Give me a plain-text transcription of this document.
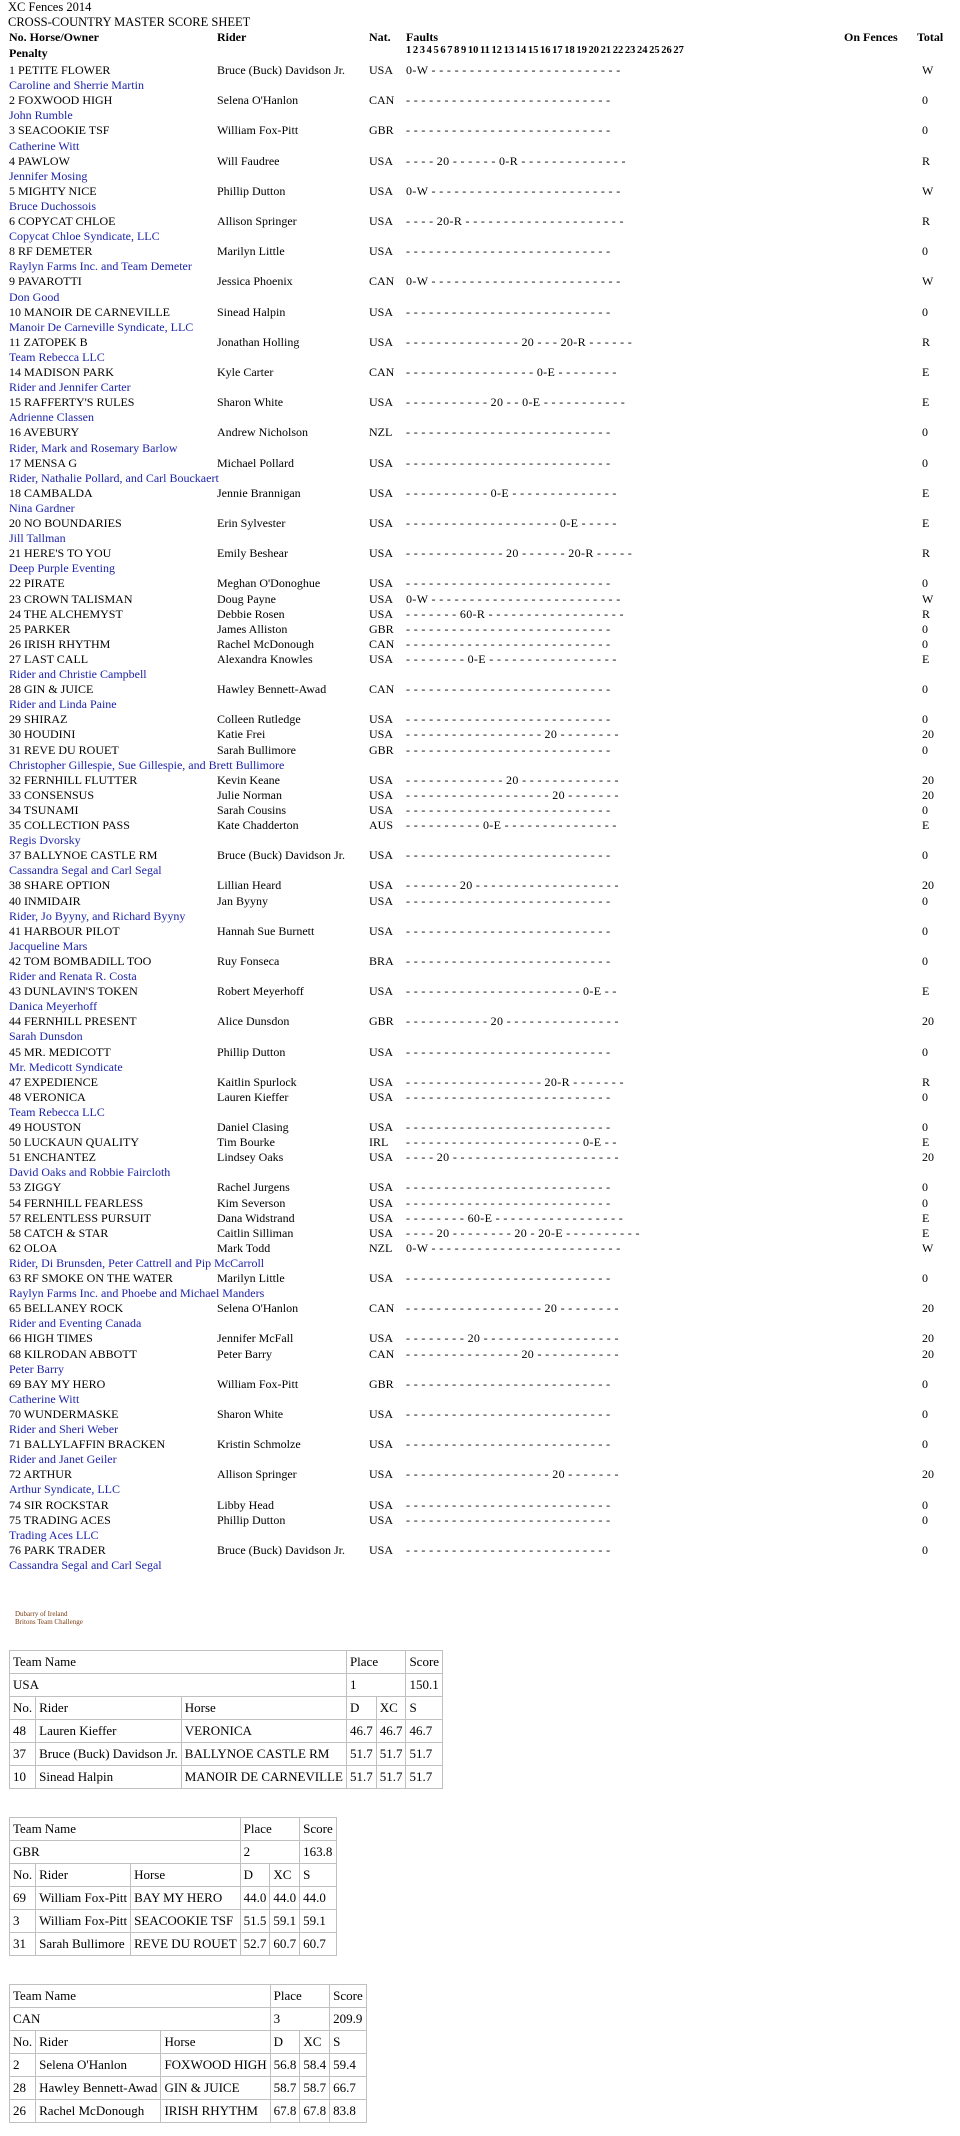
XC Fences 2014
CROSS-COUNTRY MASTER SCORE SHEET
No. Horse/Owner	Rider	Nat. Faults	On Fences Total
1 2 3 4 5 6 7 8 9 10 11 12 13 14 15 16 17 18 19 20 21 22 23 24 25 26 27
Penalty
1 PETITE FLOWER	Bruce (Buck) Davidson Jr. USA 0-W - - - - - - - - - - - - - - - - - - - - - - - - -	W
Caroline and Sherrie Martin
2 FOXWOOD HIGH	Selena O'Hanlon	CAN - - - - - - - - - - - - - - - - - - - - - - - - - - -	0
John Rumble
3 SEACOOKIE TSF	William Fox-Pitt	GBR - - - - - - - - - - - - - - - - - - - - - - - - - - -	0
Catherine Witt
4 PAWLOW	Will Faudree	USA - - - - 20 - - - - - - 0-R - - - - - - - - - - - - - -	R
Jennifer Mosing
5 MIGHTY NICE	Phillip Dutton	USA 0-W - - - - - - - - - - - - - - - - - - - - - - - - -	W
Bruce Duchossois
6 COPYCAT CHLOE	Allison Springer	USA - - - - 20-R - - - - - - - - - - - - - - - - - - - - -	R
Copycat Chloe Syndicate, LLC
8 RF DEMETER	Marilyn Little	USA - - - - - - - - - - - - - - - - - - - - - - - - - - -	0
Raylyn Farms Inc. and Team Demeter
9 PAVAROTTI	Jessica Phoenix	CAN 0-W - - - - - - - - - - - - - - - - - - - - - - - - -	W
Don Good
10 MANOIR DE CARNEVILLE	Sinead Halpin	USA - - - - - - - - - - - - - - - - - - - - - - - - - - -	0
Manoir De Carneville Syndicate, LLC
11 ZATOPEK B	Jonathan Holling	USA - - - - - - - - - - - - - - - 20 - - - 20-R - - - - - -	R
Team Rebecca LLC
14 MADISON PARK	Kyle Carter	CAN - - - - - - - - - - - - - - - - - 0-E - - - - - - - -	E
Rider and Jennifer Carter
15 RAFFERTY'S RULES	Sharon White	USA - - - - - - - - - - - 20 - - 0-E - - - - - - - - - - -	E
Adrienne Classen
16 AVEBURY	Andrew Nicholson	NZL - - - - - - - - - - - - - - - - - - - - - - - - - - -	0
Rider, Mark and Rosemary Barlow
17 MENSA G	Michael Pollard	USA - - - - - - - - - - - - - - - - - - - - - - - - - - -	0
Rider, Nathalie Pollard, and Carl Bouckaert
18 CAMBALDA	Jennie Brannigan	USA - - - - - - - - - - - 0-E - - - - - - - - - - - - - -	E
Nina Gardner
20 NO BOUNDARIES	Erin Sylvester	USA - - - - - - - - - - - - - - - - - - - - 0-E - - - - -	E
Jill Tallman
21 HERE'S TO YOU	Emily Beshear	USA - - - - - - - - - - - - - 20 - - - - - - 20-R - - - - -	R
Deep Purple Eventing
22 PIRATE	Meghan O'Donoghue	USA - - - - - - - - - - - - - - - - - - - - - - - - - - -	0
23 CROWN TALISMAN	Doug Payne	USA 0-W - - - - - - - - - - - - - - - - - - - - - - - - -	W
24 THE ALCHEMYST	Debbie Rosen	USA - - - - - - - 60-R - - - - - - - - - - - - - - - - - -	R
25 PARKER	James Alliston	GBR - - - - - - - - - - - - - - - - - - - - - - - - - - -	0
26 IRISH RHYTHM	Rachel McDonough	CAN - - - - - - - - - - - - - - - - - - - - - - - - - - -	0
27 LAST CALL	Alexandra Knowles	USA - - - - - - - - 0-E - - - - - - - - - - - - - - - - -	E
Rider and Christie Campbell
28 GIN & JUICE	Hawley Bennett-Awad	CAN - - - - - - - - - - - - - - - - - - - - - - - - - - -	0
Rider and Linda Paine
29 SHIRAZ	Colleen Rutledge	USA - - - - - - - - - - - - - - - - - - - - - - - - - - -	0
30 HOUDINI	Katie Frei	USA - - - - - - - - - - - - - - - - - - 20 - - - - - - - -	20
31 REVE DU ROUET	Sarah Bullimore	GBR - - - - - - - - - - - - - - - - - - - - - - - - - - -	0
Christopher Gillespie, Sue Gillespie, and Brett Bullimore
32 FERNHILL FLUTTER	Kevin Keane	USA - - - - - - - - - - - - - 20 - - - - - - - - - - - - -	20
33 CONSENSUS	Julie Norman	USA - - - - - - - - - - - - - - - - - - - 20 - - - - - - -	20
34 TSUNAMI	Sarah Cousins	USA - - - - - - - - - - - - - - - - - - - - - - - - - - -	0
35 COLLECTION PASS	Kate Chadderton	AUS - - - - - - - - - - 0-E - - - - - - - - - - - - - - -	E
Regis Dvorsky
37 BALLYNOE CASTLE RM	Bruce (Buck) Davidson Jr. USA - - - - - - - - - - - - - - - - - - - - - - - - - - -	0
Cassandra Segal and Carl Segal
38 SHARE OPTION	Lillian Heard	USA - - - - - - - 20 - - - - - - - - - - - - - - - - - - -	20
40 INMIDAIR	Jan Byyny	USA - - - - - - - - - - - - - - - - - - - - - - - - - - -	0
Rider, Jo Byyny, and Richard Byyny
41 HARBOUR PILOT	Hannah Sue Burnett	USA - - - - - - - - - - - - - - - - - - - - - - - - - - -	0
Jacqueline Mars
42 TOM BOMBADILL TOO	Ruy Fonseca	BRA - - - - - - - - - - - - - - - - - - - - - - - - - - -	0
Rider and Renata R. Costa
43 DUNLAVIN'S TOKEN	Robert Meyerhoff	USA - - - - - - - - - - - - - - - - - - - - - - - 0-E - -	E
Danica Meyerhoff
44 FERNHILL PRESENT	Alice Dunsdon	GBR - - - - - - - - - - - 20 - - - - - - - - - - - - - - -	20
Sarah Dunsdon
45 MR. MEDICOTT	Phillip Dutton	USA - - - - - - - - - - - - - - - - - - - - - - - - - - -	0
Mr. Medicott Syndicate
47 EXPEDIENCE	Kaitlin Spurlock	USA - - - - - - - - - - - - - - - - - - 20-R - - - - - - -	R
48 VERONICA	Lauren Kieffer	USA - - - - - - - - - - - - - - - - - - - - - - - - - - -	0
Team Rebecca LLC
49 HOUSTON	Daniel Clasing	USA - - - - - - - - - - - - - - - - - - - - - - - - - - -	0
50 LUCKAUN QUALITY	Tim Bourke	IRL - - - - - - - - - - - - - - - - - - - - - - - 0-E - -	E
51 ENCHANTEZ	Lindsey Oaks	USA - - - - 20 - - - - - - - - - - - - - - - - - - - - - -	20
David Oaks and Robbie Faircloth
53 ZIGGY	Rachel Jurgens	USA - - - - - - - - - - - - - - - - - - - - - - - - - - -	0
54 FERNHILL FEARLESS	Kim Severson	USA - - - - - - - - - - - - - - - - - - - - - - - - - - -	0
57 RELENTLESS PURSUIT	Dana Widstrand	USA - - - - - - - - 60-E - - - - - - - - - - - - - - - - -	E
58 CATCH & STAR	Caitlin Silliman	USA - - - - 20 - - - - - - - - 20 - 20-E - - - - - - - - - -	E
62 OLOA	Mark Todd	NZL 0-W - - - - - - - - - - - - - - - - - - - - - - - - -	W
Rider, Di Brunsden, Peter Cattrell and Pip McCarroll
63 RF SMOKE ON THE WATER	Marilyn Little	USA - - - - - - - - - - - - - - - - - - - - - - - - - - -	0
Raylyn Farms Inc. and Phoebe and Michael Manders
65 BELLANEY ROCK	Selena O'Hanlon	CAN - - - - - - - - - - - - - - - - - - 20 - - - - - - - -	20
Rider and Eventing Canada
66 HIGH TIMES	Jennifer McFall	USA - - - - - - - - 20 - - - - - - - - - - - - - - - - - -	20
68 KILRODAN ABBOTT	Peter Barry	CAN - - - - - - - - - - - - - - - 20 - - - - - - - - - - -	20
Peter Barry
69 BAY MY HERO	William Fox-Pitt	GBR - - - - - - - - - - - - - - - - - - - - - - - - - - -	0
Catherine Witt
70 WUNDERMASKE	Sharon White	USA - - - - - - - - - - - - - - - - - - - - - - - - - - -	0
Rider and Sheri Weber
71 BALLYLAFFIN BRACKEN	Kristin Schmolze	USA - - - - - - - - - - - - - - - - - - - - - - - - - - -	0
Rider and Janet Geiler
72 ARTHUR	Allison Springer	USA - - - - - - - - - - - - - - - - - - - 20 - - - - - - -	20
Arthur Syndicate, LLC
74 SIR ROCKSTAR	Libby Head	USA - - - - - - - - - - - - - - - - - - - - - - - - - - -	0
75 TRADING ACES	Phillip Dutton	USA - - - - - - - - - - - - - - - - - - - - - - - - - - -	0
Trading Aces LLC
76 PARK TRADER	Bruce (Buck) Davidson Jr. USA - - - - - - - - - - - - - - - - - - - - - - - - - - -	0
Cassandra Segal and Carl Segal
Dubarry of Ireland
Britons Team Challenge
Team Name			Place		Score
USA			1		150.1
No.	Rider	Horse	D	XC	S
48	Lauren Kieffer	VERONICA	46.7	46.7	46.7
37	Bruce (Buck) Davidson Jr.	BALLYNOE CASTLE RM	51.7	51.7	51.7
10	Sinead Halpin	MANOIR DE CARNEVILLE	51.7	51.7	51.7
Team Name			Place		Score
GBR			2		163.8
No.	Rider	Horse	D	XC	S
69	William Fox-Pitt	BAY MY HERO	44.0	44.0	44.0
3	William Fox-Pitt	SEACOOKIE TSF	51.5	59.1	59.1
31	Sarah Bullimore	REVE DU ROUET	52.7	60.7	60.7
Team Name			Place		Score
CAN			3		209.9
No.	Rider	Horse	D	XC	S
2	Selena O'Hanlon	FOXWOOD HIGH	56.8	58.4	59.4
28	Hawley Bennett-Awad	GIN & JUICE	58.7	58.7	66.7
26	Rachel McDonough	IRISH RHYTHM	67.8	67.8	83.8
